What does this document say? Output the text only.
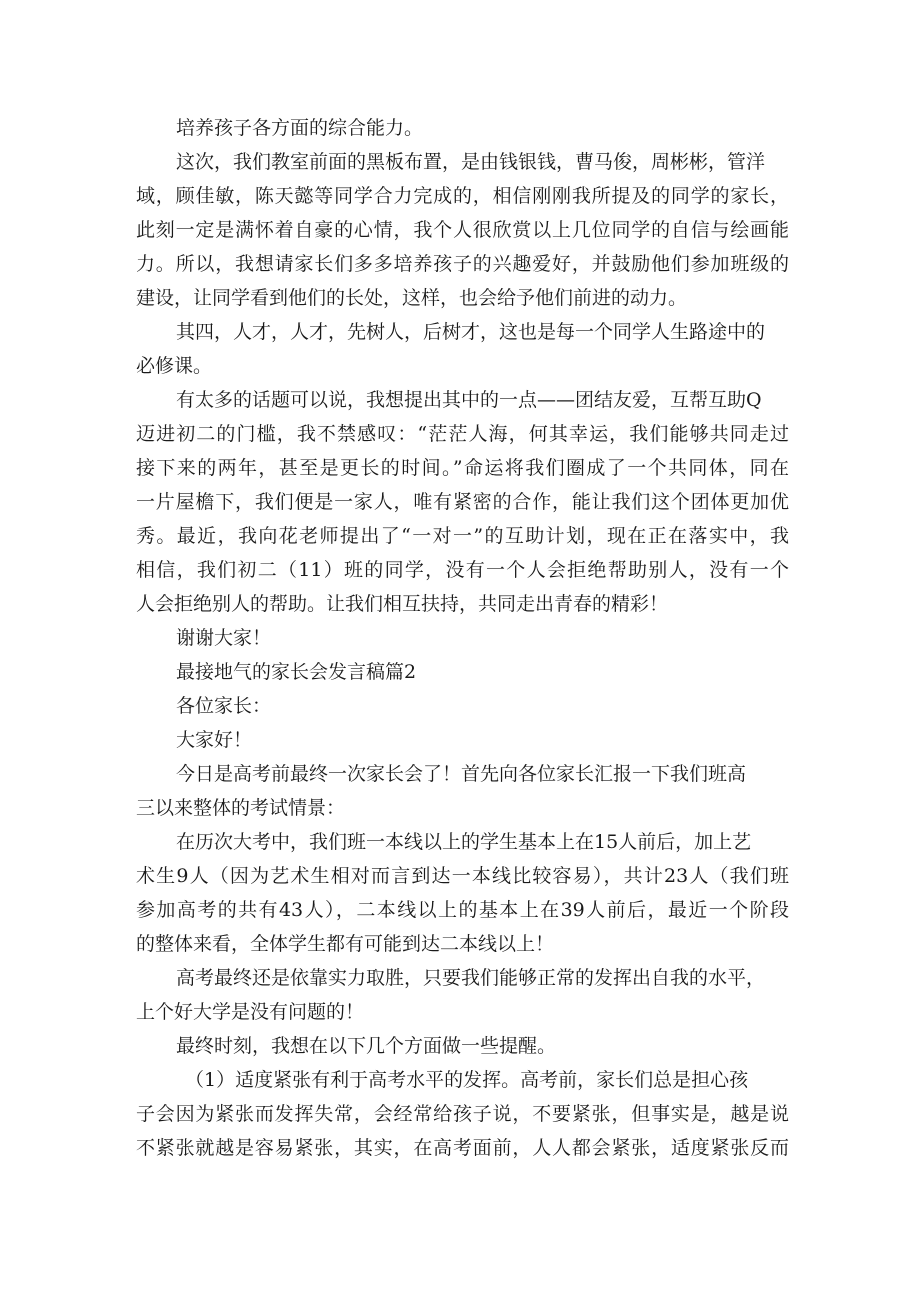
培养孩子各方面的综合能力。
这次，我们教室前面的黑板布置，是由钱银钱，曹马俊，周彬彬，管洋
域，顾佳敏，陈天懿等同学合力完成的，相信刚刚我所提及的同学的家长，
此刻一定是满怀着自豪的心情，我个人很欣赏以上几位同学的自信与绘画能
力。所以，我想请家长们多多培养孩子的兴趣爱好，并鼓励他们参加班级的
建设，让同学看到他们的长处，这样，也会给予他们前进的动力。
其四，人才，人才，先树人，后树才，这也是每一个同学人生路途中的
必修课。
有太多的话题可以说，我想提出其中的一点——团结友爱，互帮互助Q
迈进初二的门槛，我不禁感叹：“茫茫人海，何其幸运，我们能够共同走过
接下来的两年，甚至是更长的时间。”命运将我们圈成了一个共同体，同在
一片屋檐下，我们便是一家人，唯有紧密的合作，能让我们这个团体更加优
秀。最近，我向花老师提出了“一对一”的互助计划，现在正在落实中，我
相信，我们初二（11）班的同学，没有一个人会拒绝帮助别人，没有一个
人会拒绝别人的帮助。让我们相互扶持，共同走出青春的精彩！
谢谢大家！
最接地气的家长会发言稿篇2
各位家长：
大家好！
今日是高考前最终一次家长会了！首先向各位家长汇报一下我们班高
三以来整体的考试情景：
在历次大考中，我们班一本线以上的学生基本上在15人前后，加上艺
术生9人（因为艺术生相对而言到达一本线比较容易），共计23人（我们班
参加高考的共有43人），二本线以上的基本上在39人前后，最近一个阶段
的整体来看，全体学生都有可能到达二本线以上！
高考最终还是依靠实力取胜，只要我们能够正常的发挥出自我的水平，
上个好大学是没有问题的！
最终时刻，我想在以下几个方面做一些提醒。
（1）适度紧张有利于高考水平的发挥。高考前，家长们总是担心孩
子会因为紧张而发挥失常，会经常给孩子说，不要紧张，但事实是，越是说
不紧张就越是容易紧张，其实，在高考面前，人人都会紧张，适度紧张反而
